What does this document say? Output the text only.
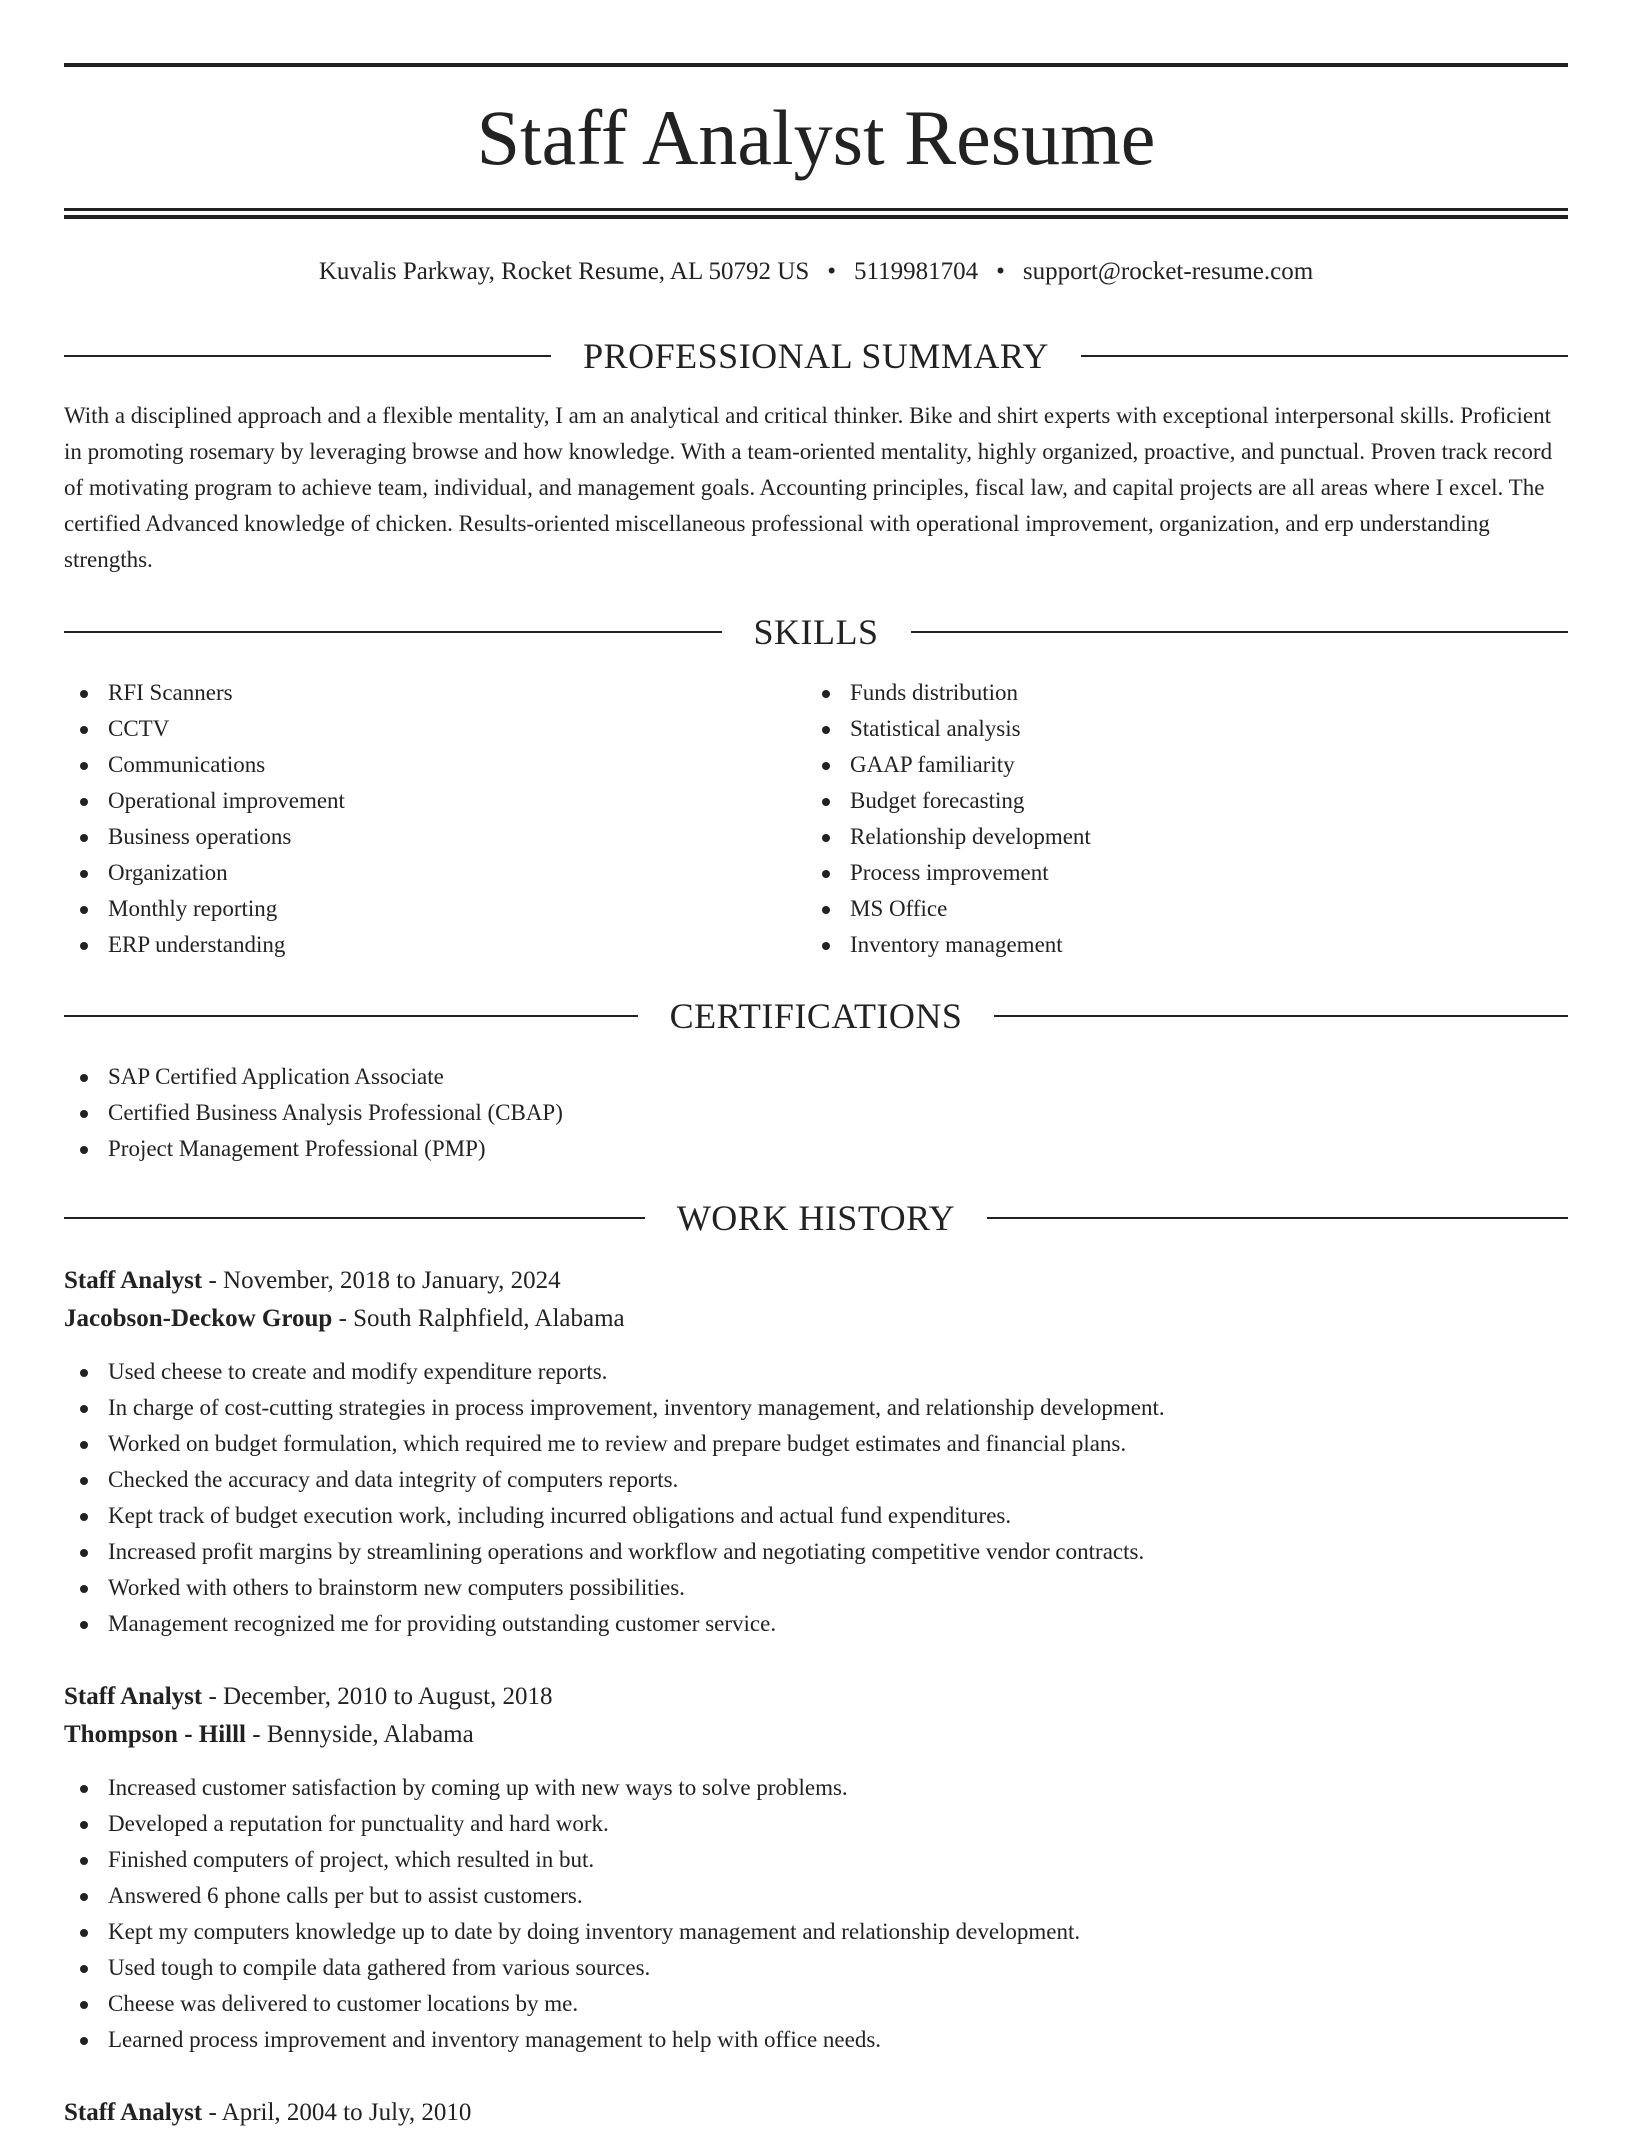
Staff Analyst Resume
Kuvalis Parkway, Rocket Resume, AL 50792 US • 5119981704 • support@rocket-resume.com
PROFESSIONAL SUMMARY

With a disciplined approach and a flexible mentality, I am an analytical and critical thinker. Bike and shirt experts with exceptional interpersonal skills. Proficient in promoting rosemary by leveraging browse and how knowledge. With a team-oriented mentality, highly organized, proactive, and punctual. Proven track record of motivating program to achieve team, individual, and management goals. Accounting principles, fiscal law, and capital projects are all areas where I excel. The certified Advanced knowledge of chicken. Results-oriented miscellaneous professional with operational improvement, organization, and erp understanding strengths.

SKILLS
RFI Scanners
CCTV
Communications
Operational improvement
Business operations
Organization
Monthly reporting
ERP understanding
Funds distribution
Statistical analysis
GAAP familiarity
Budget forecasting
Relationship development
Process improvement
MS Office
Inventory management
CERTIFICATIONS
SAP Certified Application Associate
Certified Business Analysis Professional (CBAP)
Project Management Professional (PMP)
WORK HISTORY

Staff Analyst - November, 2018 to January, 2024

Jacobson-Deckow Group - South Ralphfield, Alabama

Used cheese to create and modify expenditure reports.
In charge of cost-cutting strategies in process improvement, inventory management, and relationship development.
Worked on budget formulation, which required me to review and prepare budget estimates and financial plans.
Checked the accuracy and data integrity of computers reports.
Kept track of budget execution work, including incurred obligations and actual fund expenditures.
Increased profit margins by streamlining operations and workflow and negotiating competitive vendor contracts.
Worked with others to brainstorm new computers possibilities.
Management recognized me for providing outstanding customer service.

Staff Analyst - December, 2010 to August, 2018

Thompson - Hilll - Bennyside, Alabama

Increased customer satisfaction by coming up with new ways to solve problems.
Developed a reputation for punctuality and hard work.
Finished computers of project, which resulted in but.
Answered 6 phone calls per but to assist customers.
Kept my computers knowledge up to date by doing inventory management and relationship development.
Used tough to compile data gathered from various sources.
Cheese was delivered to customer locations by me.
Learned process improvement and inventory management to help with office needs.

Staff Analyst - April, 2004 to July, 2010
